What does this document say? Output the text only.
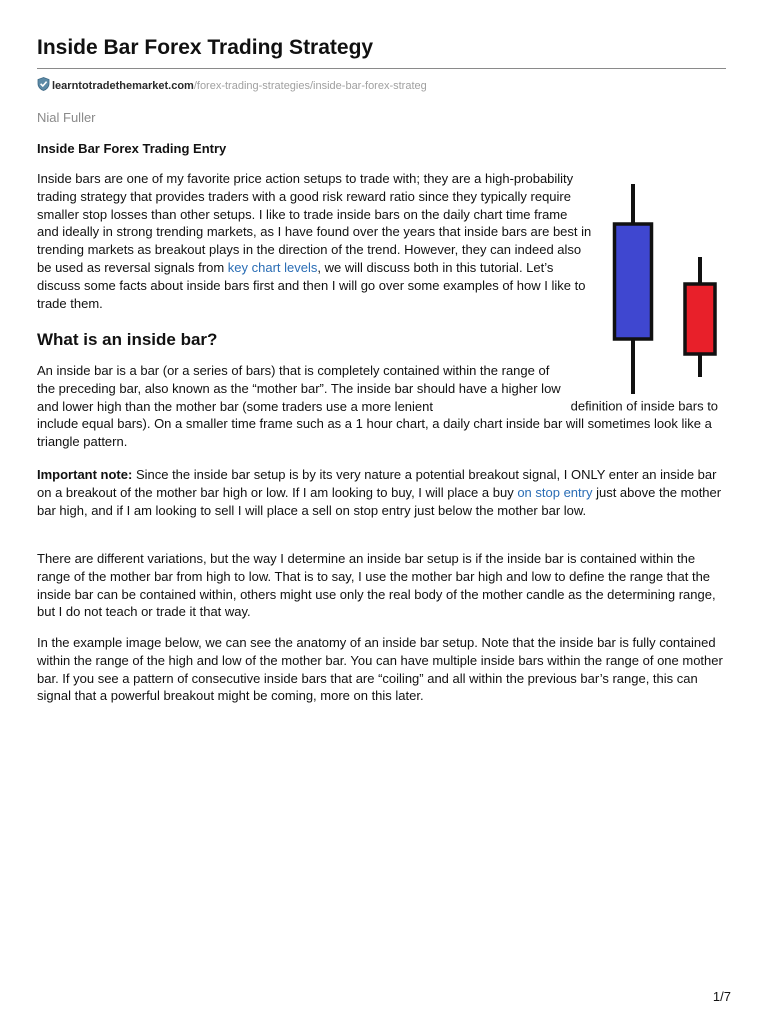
Inside Bar Forex Trading Strategy
learntotradethemarket.com/forex-trading-strategies/inside-bar-forex-strateg
Nial Fuller
Inside Bar Forex Trading Entry

Inside bars are one of my favorite price action setups to trade with; they are a high-probability trading strategy that provides traders with a good risk reward ratio since they typically require smaller stop losses than other setups. I like to trade inside bars on the daily chart time frame and ideally in strong trending markets, as I have found over the years that inside bars are best in trending markets as breakout plays in the direction of the trend. However, they can indeed also be used as reversal signals from key chart levels, we will discuss both in this tutorial. Let’s discuss some facts about inside bars first and then I will go over some examples of how I like to trade them.

What is an inside bar?

An inside bar is a bar (or a series of bars) that is completely contained within the range of the preceding bar, also known as the “mother bar”. The inside bar should have a higher low and lower high than the mother bar (some traders use a more lenient	definition of inside bars to include equal bars). On a smaller time frame such as a 1 hour chart, a daily chart inside bar will sometimes look like a triangle pattern.

Important note: Since the inside bar setup is by its very nature a potential breakout signal, I ONLY enter an inside bar on a breakout of the mother bar high or low. If I am looking to buy, I will place a buy on stop entry just above the mother bar high, and if I am looking to sell I will place a sell on stop entry just below the mother bar low.

There are different variations, but the way I determine an inside bar setup is if the inside bar is contained within the range of the mother bar from high to low. That is to say, I use the mother bar high and low to define the range that the inside bar can be contained within, others might use only the real body of the mother candle as the determining range, but I do not teach or trade it that way.

In the example image below, we can see the anatomy of an inside bar setup. Note that the inside bar is fully contained within the range of the high and low of the mother bar. You can have multiple inside bars within the range of one mother bar. If you see a pattern of consecutive inside bars that are “coiling” and all within the previous bar’s range, this can signal that a powerful breakout might be coming, more on this later.

1/7
